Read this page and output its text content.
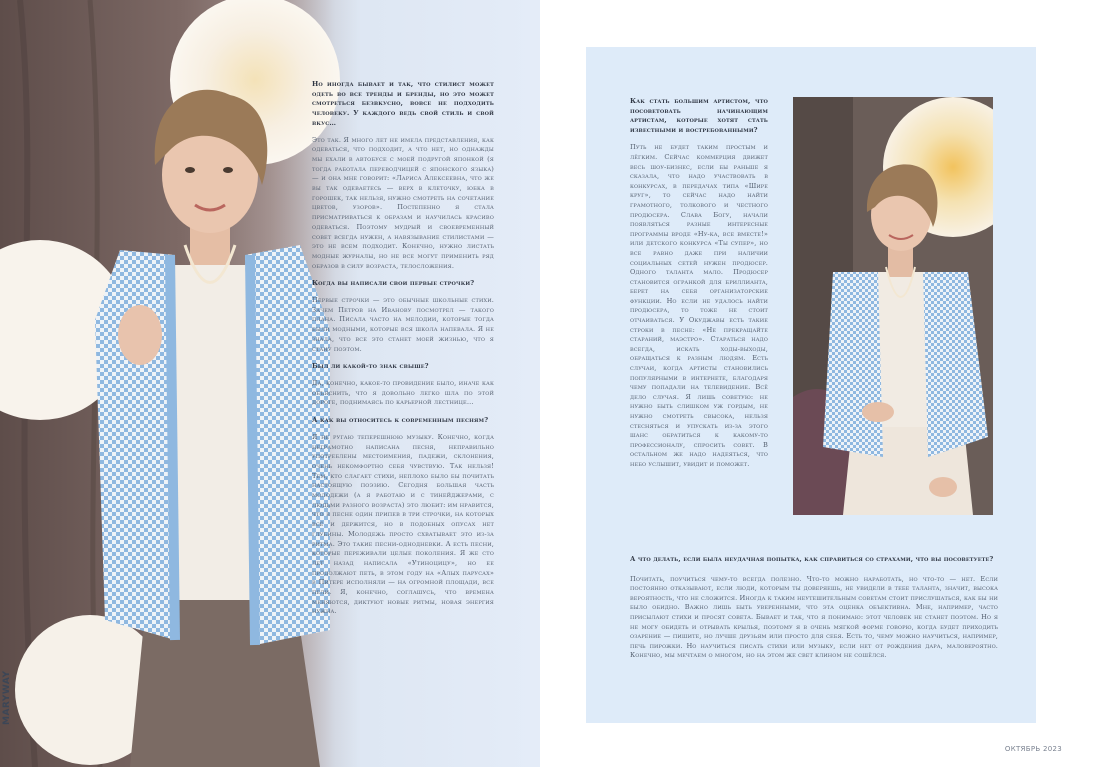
MARYWAY

Но иногда бывает и так, что стилист может одеть во все тренды и бренды, но это может смотреться безвкусно, вовсе не подходить человеку. У каждого ведь свой стиль и свой вкус…

Это так. Я много лет не имела представления, как одеваться, что подходит, а что нет, но однажды мы ехали в автобусе с моей подругой японкой (я тогда работала переводчицей с японского языка) — и она мне говорит: «Лариса Алексеевна, что же вы так одеваетесь — верх в клеточку, юбка в горошек, так нельзя, нужно смотреть на сочетание цветов, узоров». Постепенно я стала присматриваться к образам и научилась красиво одеваться. Поэтому мудрый и своевременный совет всегда нужен, а навязывание стилистами — это не всем подходит. Конечно, нужно листать модные журналы, но не все могут применить ряд образов в силу возраста, телосложения.

Когда вы написали свои первые строчки?

Первые строчки — это обычные школьные стихи. Зачем Петров на Иванову посмотрел — такого плана. Писала часто на мелодии, которые тогда были модными, которые вся школа напевала. Я не знала, что все это станет моей жизнью, что я стану поэтом.

Был ли какой-то знак свыше?

Да, конечно, какое-то провидение было, иначе как объяснить, что я довольно легко шла по этой дороге, поднимаясь по карьерной лестнице…

А как вы относитесь к современным песням?

Я не ругаю теперешнюю музыку. Конечно, когда неграмотно написана песня, неправильно употреблены местоимения, падежи, склонения, очень некомфортно себя чувствую. Так нельзя! Тем, кто слагает стихи, неплохо было бы почитать настоящую поэзию. Сегодня большая часть молодежи (а я работаю и с тинейджерами, с людьми разного возраста) это любит: им нравится, что в песне один припев в три строчки, на которых всё и держится, но в подобных опусах нет глубины. Молодежь просто схватывает это из-за ритма. Это такие песни-однодневки. А есть песни, которые переживали целые поколения. Я же сто лет назад написала «Утиноцицу», но ее продолжают петь, в этом году на «Алых парусах» в Питере исполняли — на огромной площади, все пели. Я, конечно, соглашусь, что времена меняются, диктуют новые ритмы, новая энергия нужна.

Как стать большим артистом, что посоветовать начинающим артистам, которые хотят стать известными и востребованными?

Путь не будет таким простым и лёгким. Сейчас коммерция движет весь шоу-бизнес, если бы раньше я сказала, что надо участвовать в конкурсах, в передачах типа «Шире круг», то сейчас надо найти грамотного, толкового и честного продюсера. Слава Богу, начали появляться разные интересные программы вроде «Ну-ка, все вместе!» или детского конкурса «Ты супер», но все равно даже при наличии социальных сетей нужен продюсер. Одного таланта мало. Продюсер становится огранкой для бриллианта, берет на себя организаторские функции. Но если не удалось найти продюсера, то тоже не стоит отчаиваться. У Окуджавы есть такие строки в песне: «Не прекращайте стараний, маэстро». Стараться надо всегда, искать ходы-выходы, обращаться к разным людям. Есть случаи, когда артисты становились популярными в интернете, благодаря чему попадали на телевидение. Всё дело случая. Я лишь советую: не нужно быть слишком уж гордым, не нужно смотреть свысока, нельзя стесняться и упускать из-за этого шанс обратиться к какому-то профессионалу, спросить совет. В остальном же надо надеяться, что небо услышит, увидит и поможет.

А что делать, если была неудачная попытка, как справиться со страхами, что вы посоветуете?

Почитать, поучиться чему-то всегда полезно. Что-то можно наработать, но что-то — нет. Если постоянно отказывают, если люди, которым ты доверяешь, не увидели в тебе таланта, значит, высока вероятность, что не сложится. Иногда к таким неутешительным советам стоит прислушаться, как бы ни было обидно. Важно лишь быть уверенными, что эта оценка объективна. Мне, например, часто присылают стихи и просят совета. Бывает и так, что я понимаю: этот человек не станет поэтом. Но я не могу обидеть и отрывать крылья, поэтому я в очень мягкой форме говорю, когда будет приходить озарение — пишите, но лучше друзьям или просто для себя. Есть то, чему можно научиться, например, печь пирожки. Но научиться писать стихи или музыку, если нет от рождения дара, маловероятно. Конечно, мы мечтаем о многом, но на этом же свет клином не сошёлся.

ОКТЯБРЬ 2023
